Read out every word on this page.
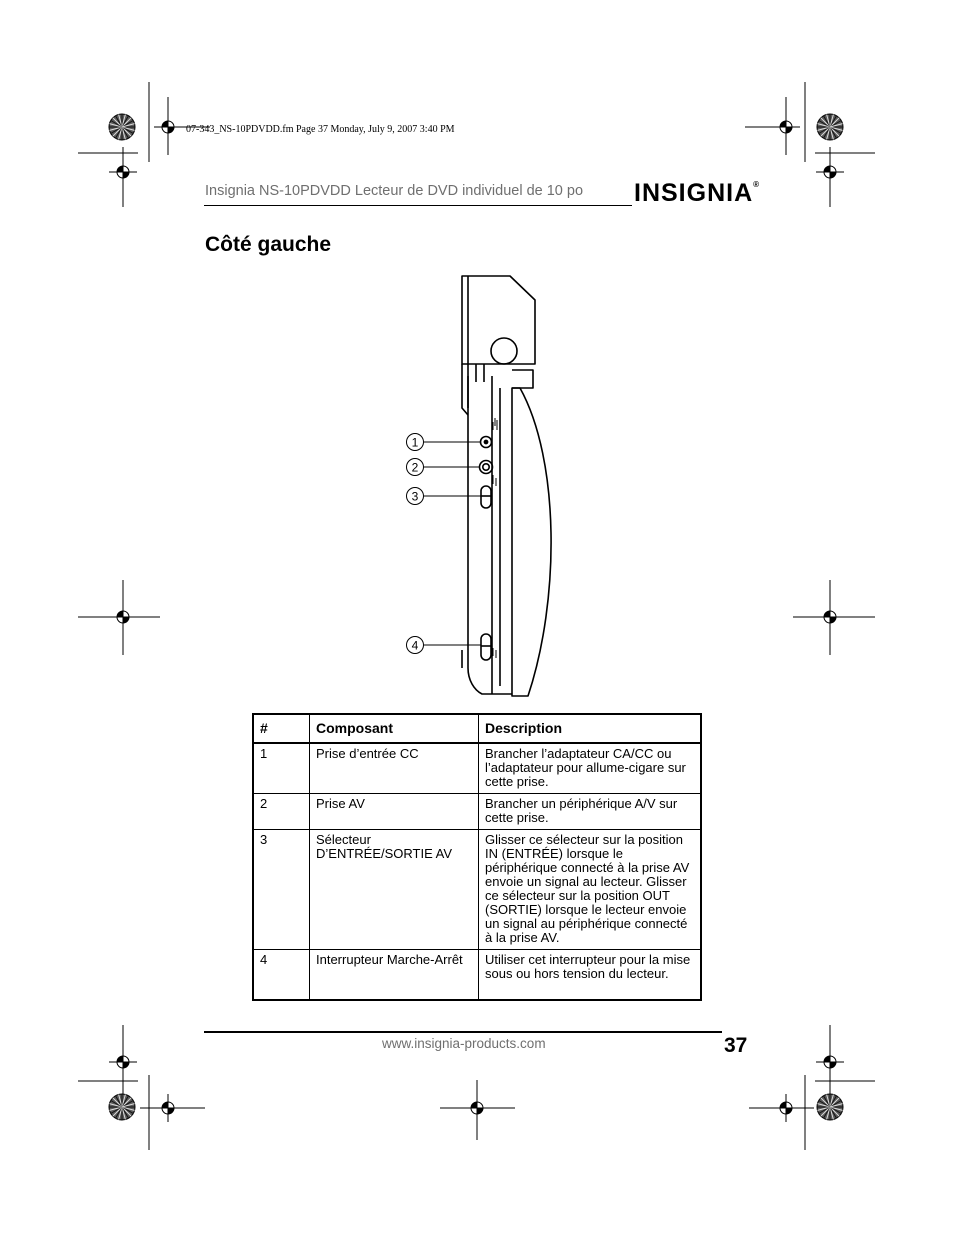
07-343_NS-10PDVDD.fm Page 37 Monday, July 9, 2007 3:40 PM
Insignia NS-10PDVDD Lecteur de DVD individuel de 10 po INSIGNIA®
Côté gauche
1
2
3
4
#	Composant	Description
1	Prise d’entrée CC	Brancher l’adaptateur CA/CC ou l’adaptateur pour allume-cigare sur cette prise.
2	Prise AV	Brancher un périphérique A/V sur cette prise.
3	Sélecteur D’ENTRÉE/SORTIE AV	Glisser ce sélecteur sur la position IN (ENTRÉE) lorsque le périphérique connecté à la prise AV envoie un signal au lecteur. Glisser ce sélecteur sur la position OUT (SORTIE) lorsque le lecteur envoie un signal au périphérique connecté à la prise AV.
4	Interrupteur Marche-Arrêt	Utiliser cet interrupteur pour la mise sous ou hors tension du lecteur.
www.insignia-products.com	37
